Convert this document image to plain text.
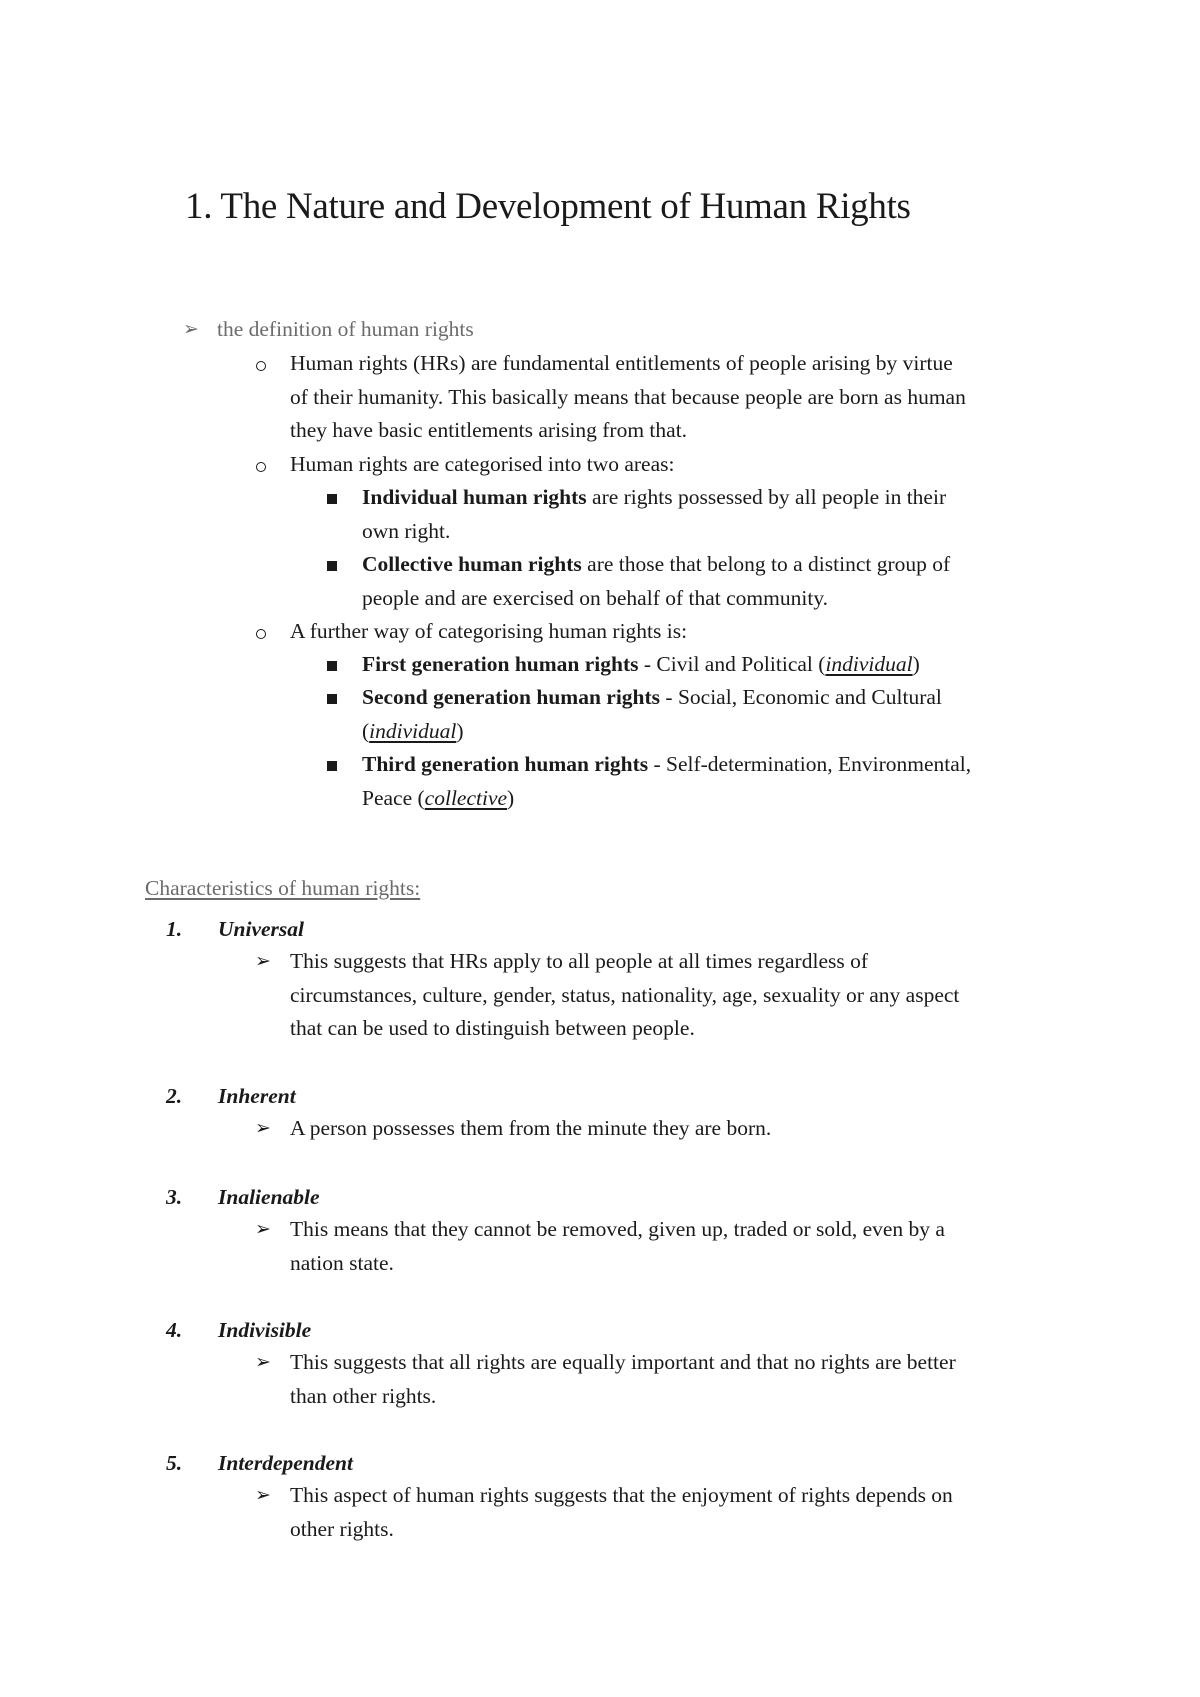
1. The Nature and Development of Human Rights
➢ the definition of human rights
Human rights (HRs) are fundamental entitlements of people arising by virtue
of their humanity. This basically means that because people are born as human
they have basic entitlements arising from that.
Human rights are categorised into two areas:
Individual human rights are rights possessed by all people in their
own right.
Collective human rights are those that belong to a distinct group of
people and are exercised on behalf of that community.
A further way of categorising human rights is:
First generation human rights - Civil and Political (individual)
Second generation human rights - Social, Economic and Cultural
(individual)
Third generation human rights - Self-determination, Environmental,
Peace (collective)
Characteristics of human rights:
1. Universal
➢ This suggests that HRs apply to all people at all times regardless of
circumstances, culture, gender, status, nationality, age, sexuality or any aspect
that can be used to distinguish between people.
2. Inherent
➢ A person possesses them from the minute they are born.
3. Inalienable
➢ This means that they cannot be removed, given up, traded or sold, even by a
nation state.
4. Indivisible
➢ This suggests that all rights are equally important and that no rights are better
than other rights.
5. Interdependent
➢ This aspect of human rights suggests that the enjoyment of rights depends on
other rights.
